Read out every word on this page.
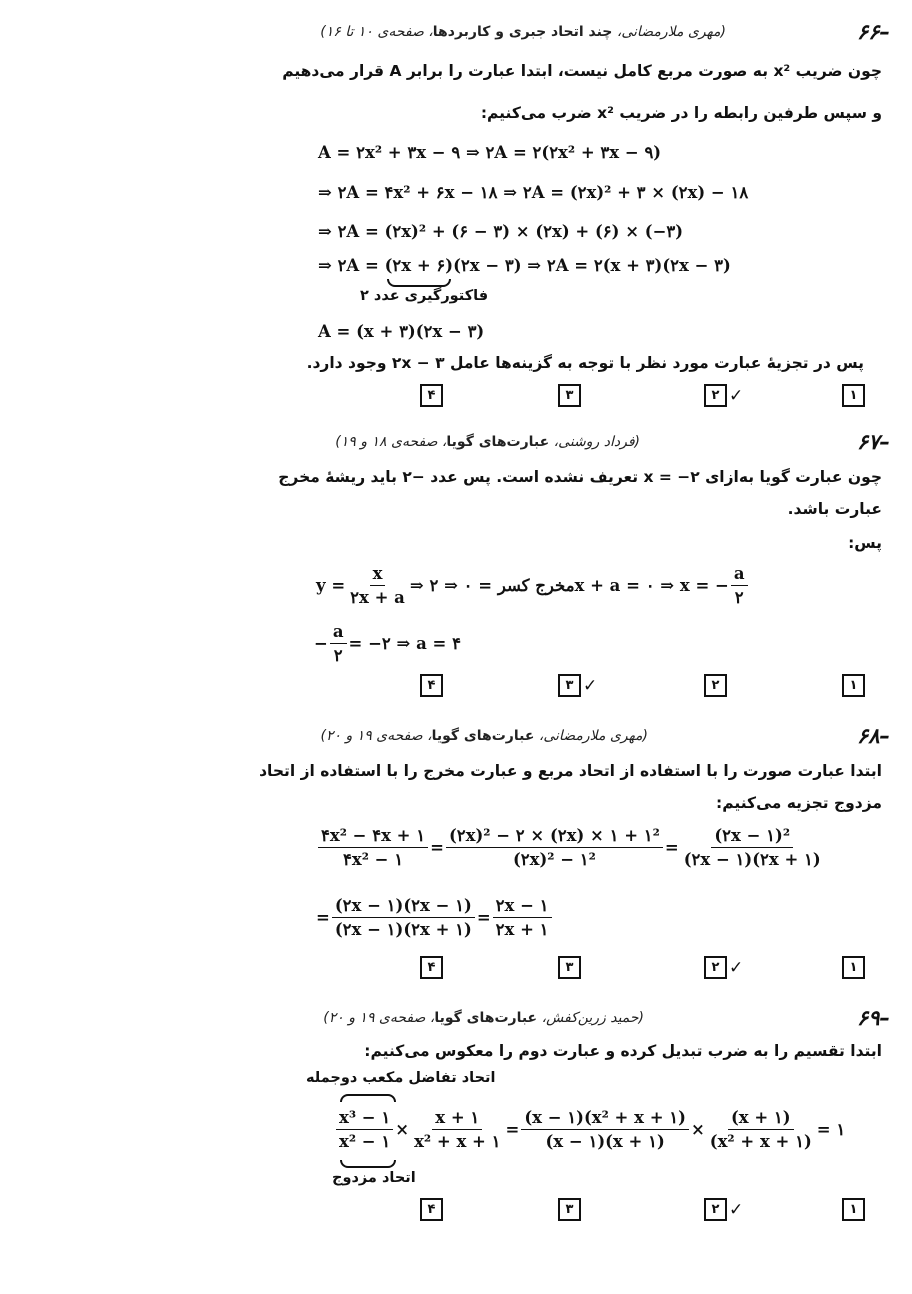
۶۶–
(مهری ملارمضانی، چند اتحاد جبری و کاربردها، صفحه‌ی ۱۰ تا ۱۶)
چون ضریب x² به صورت مربع کامل نیست، ابتدا عبارت را برابر A قرار می‌دهیم
و سپس طرفین رابطه را در ضریب x² ضرب می‌کنیم:
A = ۲x² + ۳x − ۹ ⇒ ۲A = ۲(۲x² + ۳x − ۹)
⇒ ۲A = ۴x² + ۶x − ۱۸ ⇒ ۲A = (۲x)² + ۳ × (۲x) − ۱۸
⇒ ۲A = (۲x)² + (۶ − ۳) × (۲x) + (۶) × (−۳)
⇒ ۲A = (۲x + ۶)
(۲x − ۳) ⇒ ۲A = ۲(x + ۳)(۲x − ۳)
فاکتورگیری عدد ۲
A = (x + ۳)(۲x − ۳)
پس در تجزیهٔ عبارت مورد نظر با توجه به گزینه‌ها عامل ۲x − ۳ وجود دارد.
۱
۲ ✓
۳
۴
۶۷–
(فرداد روشنی، عبارت‌های گویا، صفحه‌ی ۱۸ و ۱۹)
چون عبارت گویا به‌ازای x = −۲ تعریف نشده است. پس عدد −۲ باید ریشهٔ مخرج
عبارت باشد.
پس:
$y = \frac{x}{۲x + a}$ ⇒ مخرج کسر = ۰ ⇒ ۲x + a = ۰ ⇒ x = − $\frac{a}{۲}$
− $\frac{a}{۲}$ = −۲ ⇒ a = ۴
۱
۲
۳ ✓
۴
۶۸–
(مهری ملارمضانی، عبارت‌های گویا، صفحه‌ی ۱۹ و ۲۰)
ابتدا عبارت صورت را با استفاده از اتحاد مربع و عبارت مخرج را با استفاده از اتحاد
مزدوج تجزیه می‌کنیم:
$\frac{\text{۴x² − ۴x + ۱}}{\text{۴x² − ۱}} = \frac{\text{(۲x)² − ۲ × (۲x) × ۱ + ۱²}}{\text{(۲x)² − ۱²}} = \frac{\text{(۲x − ۱)²}}{(۲x - ۱)(۲x + ۱)}$
= $\frac{(۲x - ۱)(۲x - ۱)}{(۲x - ۱)(۲x + ۱)} = \frac{۲x - ۱}{۲x + ۱}$
۱
۲ ✓
۳
۴
۶۹–
(حمید زرین‌کفش، عبارت‌های گویا، صفحه‌ی ۱۹ و ۲۰)
ابتدا تقسیم را به ضرب تبدیل کرده و عبارت دوم را معکوس می‌کنیم:
اتحاد تفاضل مکعب دوجمله
$\frac{\text{x³ − ۱}}{\text{x² − ۱}} \times \frac{x + ۱}{\text{x² + x + ۱}} = \frac{\text{(x − ۱)(x² + x + ۱)}}{(x - ۱)(x + ۱)} \times \frac{(x + ۱)}{\text{(x² + x + ۱)}}$ = ۱
اتحاد مزدوج
۱
۲ ✓
۳
۴
